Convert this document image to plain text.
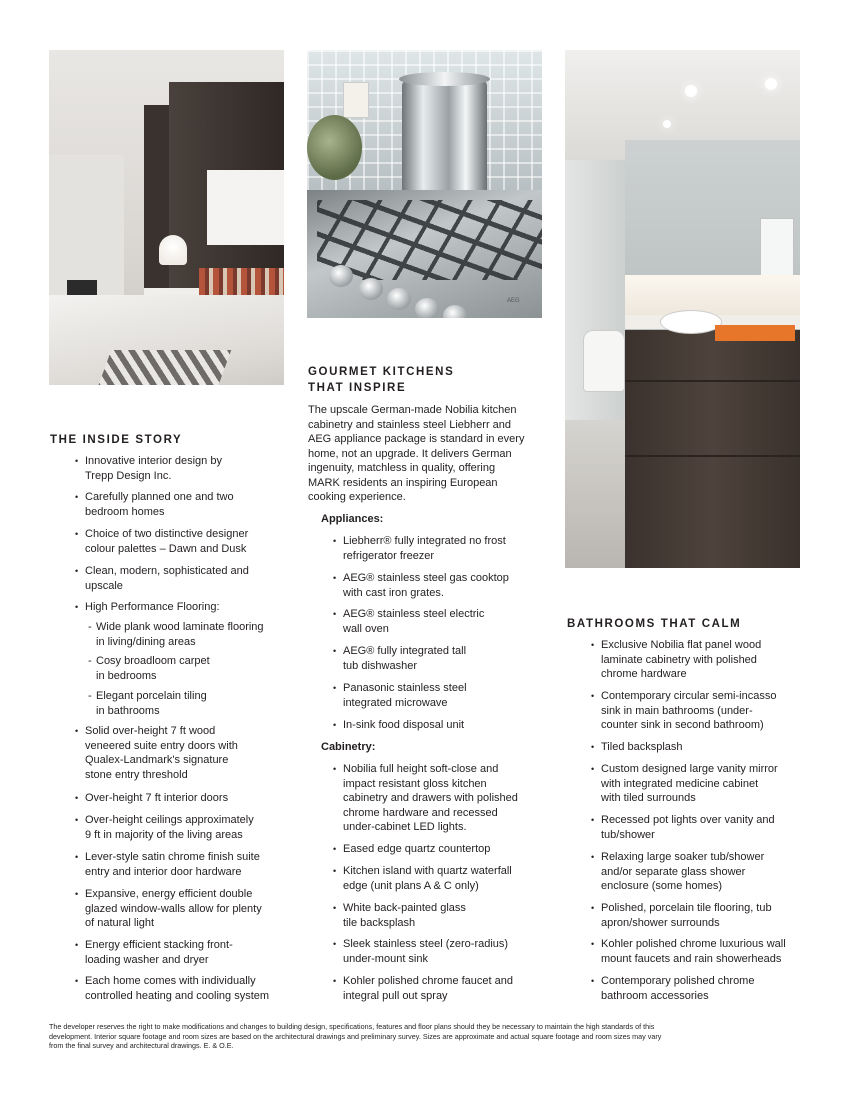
AEG
THE INSIDE STORY
• Innovative interior design by
Trepp Design Inc.
• Carefully planned one and two
bedroom homes
• Choice of two distinctive designer
colour palettes – Dawn and Dusk
• Clean, modern, sophisticated and
upscale
• High Performance Flooring:
• Solid over-height 7 ft wood
veneered suite entry doors with
Qualex-Landmark's signature
stone entry threshold
• Over-height 7 ft interior doors
• Over-height ceilings approximately
9 ft in majority of the living areas
• Lever-style satin chrome finish suite
entry and interior door hardware
• Expansive, energy efficient double
glazed window-walls allow for plenty
of natural light
• Energy efficient stacking front-
loading washer and dryer
• Each home comes with individually
controlled heating and cooling system
- Wide plank wood laminate flooring
in living/dining areas
- Cosy broadloom carpet
in bedrooms
- Elegant porcelain tiling
in bathrooms
GOURMET KITCHENS
THAT INSPIRE

The upscale German-made Nobilia kitchen
cabinetry and stainless steel Liebherr and
AEG appliance package is standard in every
home, not an upgrade. It delivers German
ingenuity, matchless in quality, offering
MARK residents an inspiring European
cooking experience.

Appliances:
• Liebherr® fully integrated no frost
refrigerator freezer
• AEG® stainless steel gas cooktop
with cast iron grates.
• AEG® stainless steel electric
wall oven
• AEG® fully integrated tall
tub dishwasher
• Panasonic stainless steel
integrated microwave
• In-sink food disposal unit
Cabinetry:
• Nobilia full height soft-close and
impact resistant gloss kitchen
cabinetry and drawers with polished
chrome hardware and recessed
under-cabinet LED lights.
• Eased edge quartz countertop
• Kitchen island with quartz waterfall
edge (unit plans A & C only)
• White back-painted glass
tile backsplash
• Sleek stainless steel (zero-radius)
under-mount sink
• Kohler polished chrome faucet and
integral pull out spray
BATHROOMS THAT CALM
• Exclusive Nobilia flat panel wood
laminate cabinetry with polished
chrome hardware
• Contemporary circular semi-incasso
sink in main bathrooms (under-
counter sink in second bathroom)
• Tiled backsplash
• Custom designed large vanity mirror
with integrated medicine cabinet
with tiled surrounds
• Recessed pot lights over vanity and
tub/shower
• Relaxing large soaker tub/shower
and/or separate glass shower
enclosure (some homes)
• Polished, porcelain tile flooring, tub
apron/shower surrounds
• Kohler polished chrome luxurious wall
mount faucets and rain showerheads
• Contemporary polished chrome
bathroom accessories

The developer reserves the right to make modifications and changes to building design, specifications, features and floor plans should they be necessary to maintain the high standards of this
development. Interior square footage and room sizes are based on the architectural drawings and preliminary survey. Sizes are approximate and actual square footage and room sizes may vary
from the final survey and architectural drawings. E. & O.E.
